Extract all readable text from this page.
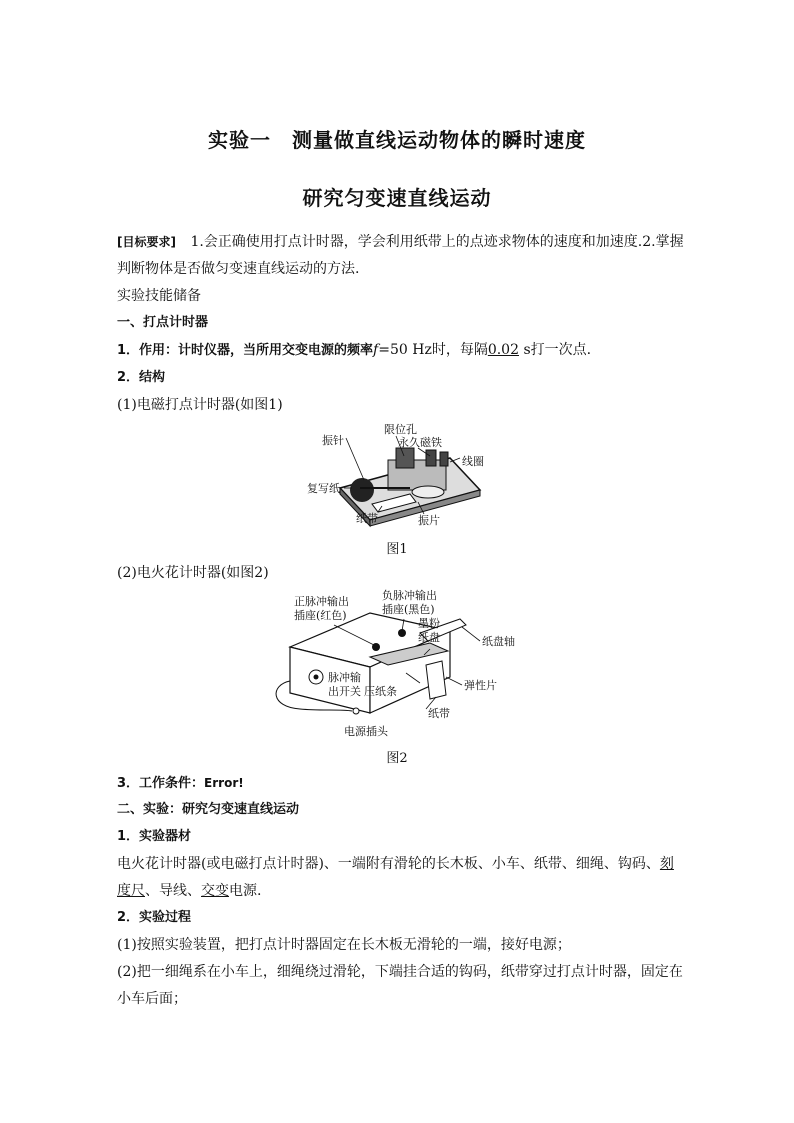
实验一　测量做直线运动物体的瞬时速度
研究匀变速直线运动
[目标要求] 1.会正确使用打点计时器，学会利用纸带上的点迹求物体的速度和加速度.2.掌握
判断物体是否做匀变速直线运动的方法.
实验技能储备
一、打点计时器
1．作用：计时仪器，当所用交变电源的频率f=50 Hz时，每隔0.02 s打一次点.
2．结构
(1)电磁打点计时器(如图1)
振针
限位孔
永久磁铁
线圈
复写纸
纸带	振片
图1
(2)电火花计时器(如图2)
正脉冲输出
插座(红色)
负脉冲输出
插座(黑色)
墨粉
纸盘	纸盘轴
脉冲输
出开关 压纸条	弹性片
纸带
电源插头
图2
3．工作条件：Error!
二、实验：研究匀变速直线运动
1．实验器材
电火花计时器(或电磁打点计时器)、一端附有滑轮的长木板、小车、纸带、细绳、钩码、刻
度尺、导线、交变电源.
2．实验过程
(1)按照实验装置，把打点计时器固定在长木板无滑轮的一端，接好电源；
(2)把一细绳系在小车上，细绳绕过滑轮，下端挂合适的钩码，纸带穿过打点计时器，固定在
小车后面；
